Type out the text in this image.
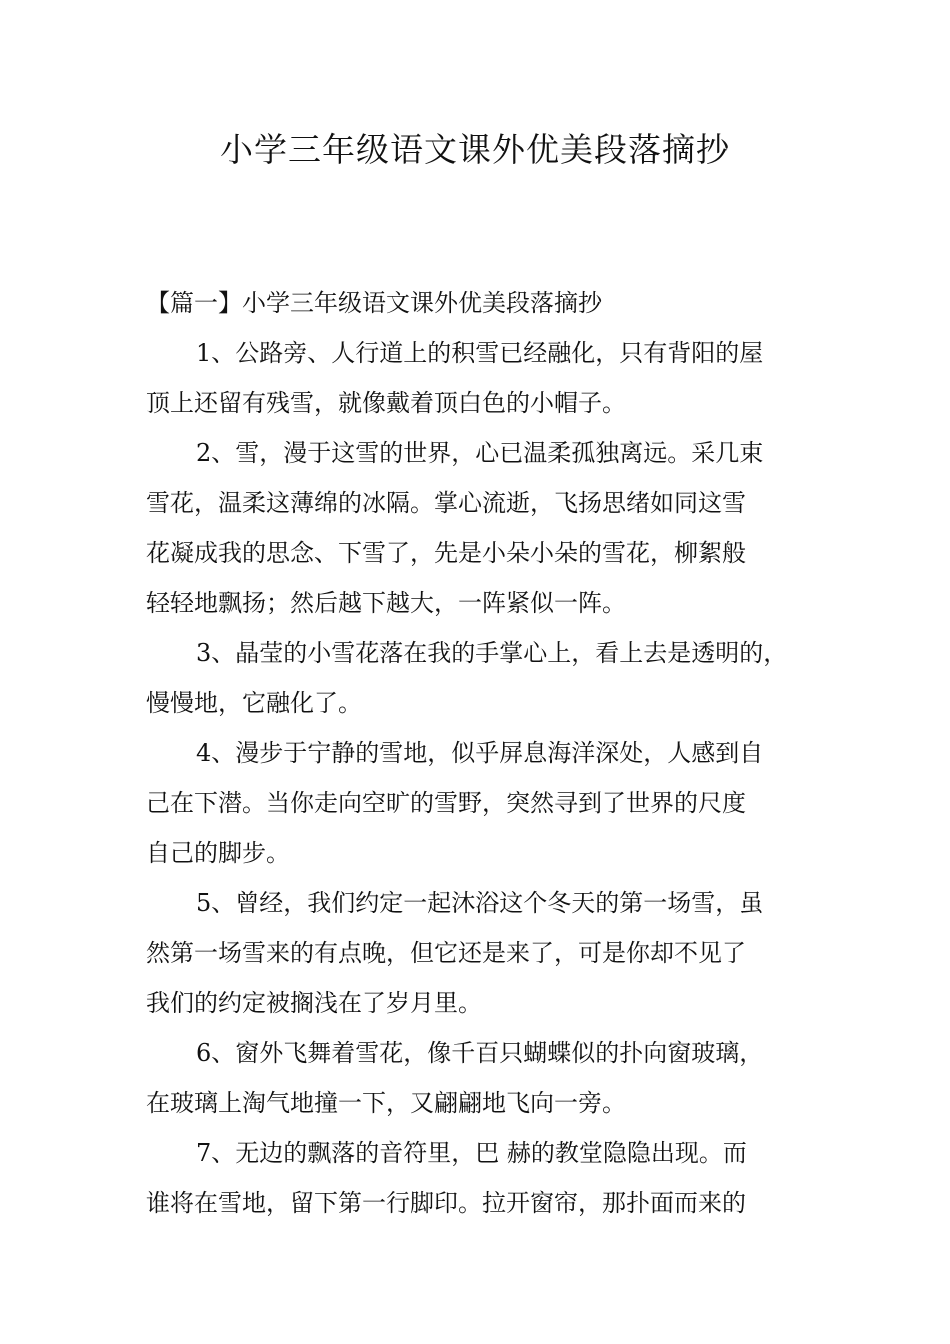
小学三年级语文课外优美段落摘抄
【篇一】小学三年级语文课外优美段落摘抄
1、公路旁、人行道上的积雪已经融化，只有背阳的屋
顶上还留有残雪，就像戴着顶白色的小帽子。
2、雪，漫于这雪的世界，心已温柔孤独离远。采几束
雪花，温柔这薄绵的冰隔。掌心流逝，飞扬思绪如同这雪
花凝成我的思念、下雪了，先是小朵小朵的雪花，柳絮般
轻轻地飘扬；然后越下越大，一阵紧似一阵。
3、晶莹的小雪花落在我的手掌心上，看上去是透明的，
慢慢地，它融化了。
4、漫步于宁静的雪地，似乎屏息海洋深处，人感到自
己在下潜。当你走向空旷的雪野，突然寻到了世界的尺度
自己的脚步。
5、曾经，我们约定一起沐浴这个冬天的第一场雪，虽
然第一场雪来的有点晚，但它还是来了，可是你却不见了
我们的约定被搁浅在了岁月里。
6、窗外飞舞着雪花，像千百只蝴蝶似的扑向窗玻璃，
在玻璃上淘气地撞一下，又翩翩地飞向一旁。
7、无边的飘落的音符里，巴 赫的教堂隐隐出现。而
谁将在雪地，留下第一行脚印。拉开窗帘，那扑面而来的
